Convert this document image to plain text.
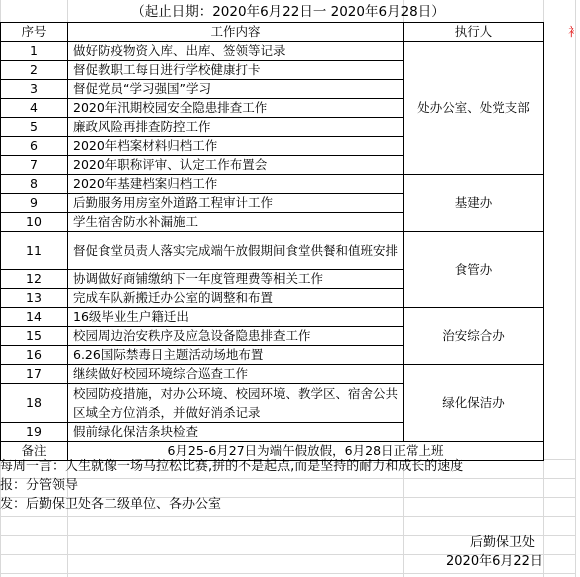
（起止日期：2020年6月22日一 2020年6月28日）
衤
序号	工作内容	执行人
1	做好防疫物资入库、出库、签领等记录	处办公室、处党支部
2	督促教职工每日进行学校健康打卡	
3	督促党员“学习强国”学习	
4	2020年汛期校园安全隐患排查工作	
5	廉政风险再排查防控工作	
6	2020年档案材料归档工作	
7	2020年职称评审、认定工作布置会	
8	2020年基建档案归档工作	基建办
9	后勤服务用房室外道路工程审计工作	
10	学生宿舍防水补漏施工	
11	督促食堂员责人落实完成端午放假期间食堂供餐和值班安排	食管办
12	协调做好商铺缴纳下一年度管理费等相关工作	
13	完成车队新搬迁办公室的调整和布置	
14	16级毕业生户籍迁出	治安综合办
15	校园周边治安秩序及应急设备隐患排查工作	
16	6.26国际禁毒日主题活动场地布置	
17	继续做好校园环境综合巡查工作	绿化保洁办
18	校园防疫措施，对办公环境、校园环境、教学区、宿舍公共区域全方位消杀，并做好消杀记录	
19	假前绿化保洁条块检查	
备注	6月25-6月27日为端午假放假，6月28日正常上班	
每周一言：人生就像一场马拉松比赛,拼的不是起点,而是坚持的耐力和成长的速度
报：分管领导
发：后勤保卫处各二级单位、各办公室
后勤保卫处
2020年6月22日
